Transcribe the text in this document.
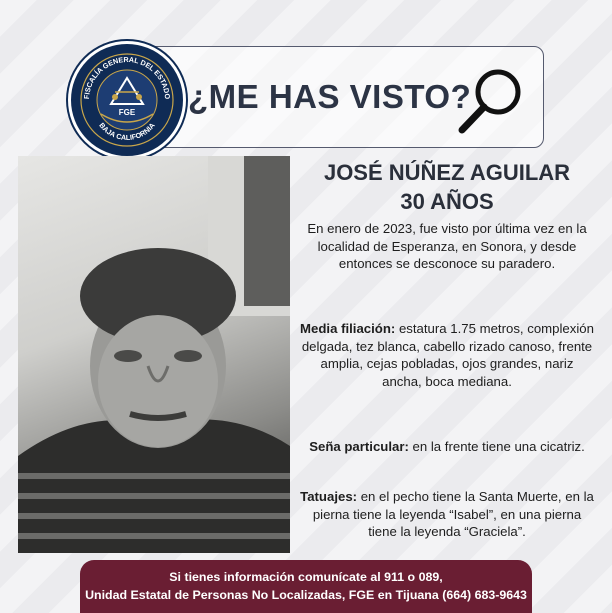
FISCALÍA GENERAL DEL ESTADO
BAJA CALIFORNIA
FGE ¿ME HAS VISTO?
JOSÉ NÚÑEZ AGUILAR
30 AÑOS
En enero de 2023, fue visto por última vez en la localidad de Esperanza, en Sonora, y desde entonces se desconoce su paradero.
Media filiación: estatura 1.75 metros, complexión delgada, tez blanca, cabello rizado canoso, frente amplia, cejas pobladas, ojos grandes, nariz ancha, boca mediana.
Seña particular: en la frente tiene una cicatriz.
Tatuajes: en el pecho tiene la Santa Muerte, en la pierna tiene la leyenda “Isabel”, en una pierna tiene la leyenda “Graciela”.
Si tienes información comunícate al 911 o 089,
Unidad Estatal de Personas No Localizadas, FGE en Tijuana (664) 683-9643
